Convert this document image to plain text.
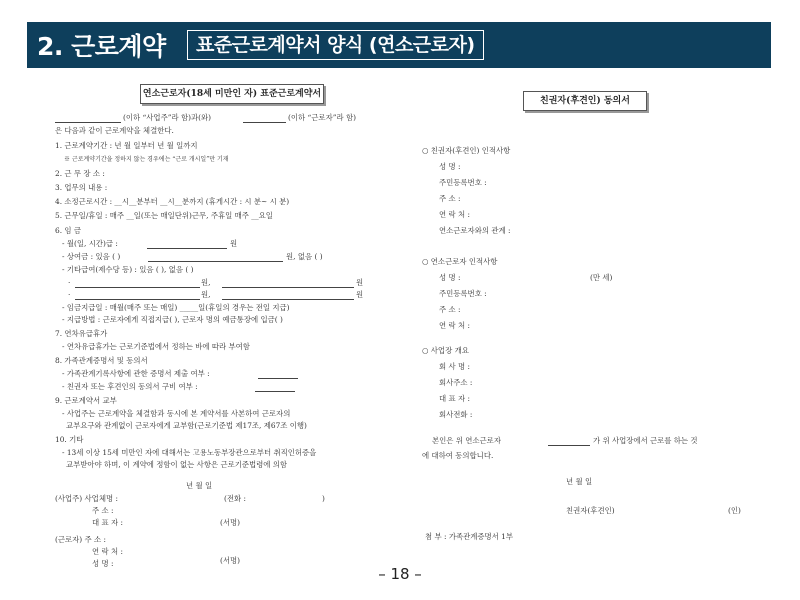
2. 근로계약	표준근로계약서 양식 (연소근로자)
연소근로자(18세 미만인 자) 표준근로계약서
(이하 “사업주”라 함)과(와)	(이하 “근로자”라 함)
은 다음과 같이 근로계약을 체결한다.
1. 근로계약기간 : 년 월 일부터 년 월 일까지
※ 근로계약기간을 정하지 않는 경우에는 “근로 개시일”만 기재
2. 근 무 장 소 :
3. 업무의 내용 :
4. 소정근로시간 : __시__분부터 __시__분까지 (휴게시간 : 시 분~ 시 분)
5. 근무일/휴일 : 매주 __일(또는 매일단위)근무, 주휴일 매주 __요일
6. 임 금
- 월(일, 시간)급 :	원
- 상여금 : 있음 ( )	원, 없음 ( )
- 기타급여(제수당 등) : 있음 ( ), 없음 ( )
·	원,	원
·	원,	원
- 임금지급일 : 매월(매주 또는 매일) _____일(휴일의 경우는 전일 지급)
- 지급방법 : 근로자에게 직접지급( ), 근로자 명의 예금통장에 입금( )
7. 연차유급휴가
- 연차유급휴가는 근로기준법에서 정하는 바에 따라 부여함
8. 가족관계증명서 및 동의서
- 가족관계기록사항에 관한 증명서 제출 여부 :
- 친권자 또는 후견인의 동의서 구비 여부 :
9. 근로계약서 교부
- 사업주는 근로계약을 체결함과 동시에 본 계약서를 사본하여 근로자의
교부요구와 관계없이 근로자에게 교부함(근로기준법 제17조, 제67조 이행)
10. 기타
- 13세 이상 15세 미만인 자에 대해서는 고용노동부장관으로부터 취직인허증을
교부받아야 하며, 이 계약에 정함이 없는 사항은 근로기준법령에 의함
년 월 일
(사업주) 사업체명 :	(전화 :	)
주 소 :
대 표 자 :	(서명)
(근로자) 주 소 :
연 락 처 :
성 명 :	(서명)
친권자(후견인) 동의서
○ 친권자(후견인) 인적사항
성 명 :
주민등록번호 :
주 소 :
연 락 처 :
연소근로자와의 관계 :
○ 연소근로자 인적사항
성 명 :	(만 세)
주민등록번호 :
주 소 :
연 락 처 :
○ 사업장 개요
회 사 명 :
회사주소 :
대 표 자 :
회사전화 :
본인은 위 연소근로자	가 위 사업장에서 근로를 하는 것
에 대하여 동의합니다.
년 월 일
친권자(후견인)	(인)
첨 부 : 가족관계증명서 1부
– 18 –
